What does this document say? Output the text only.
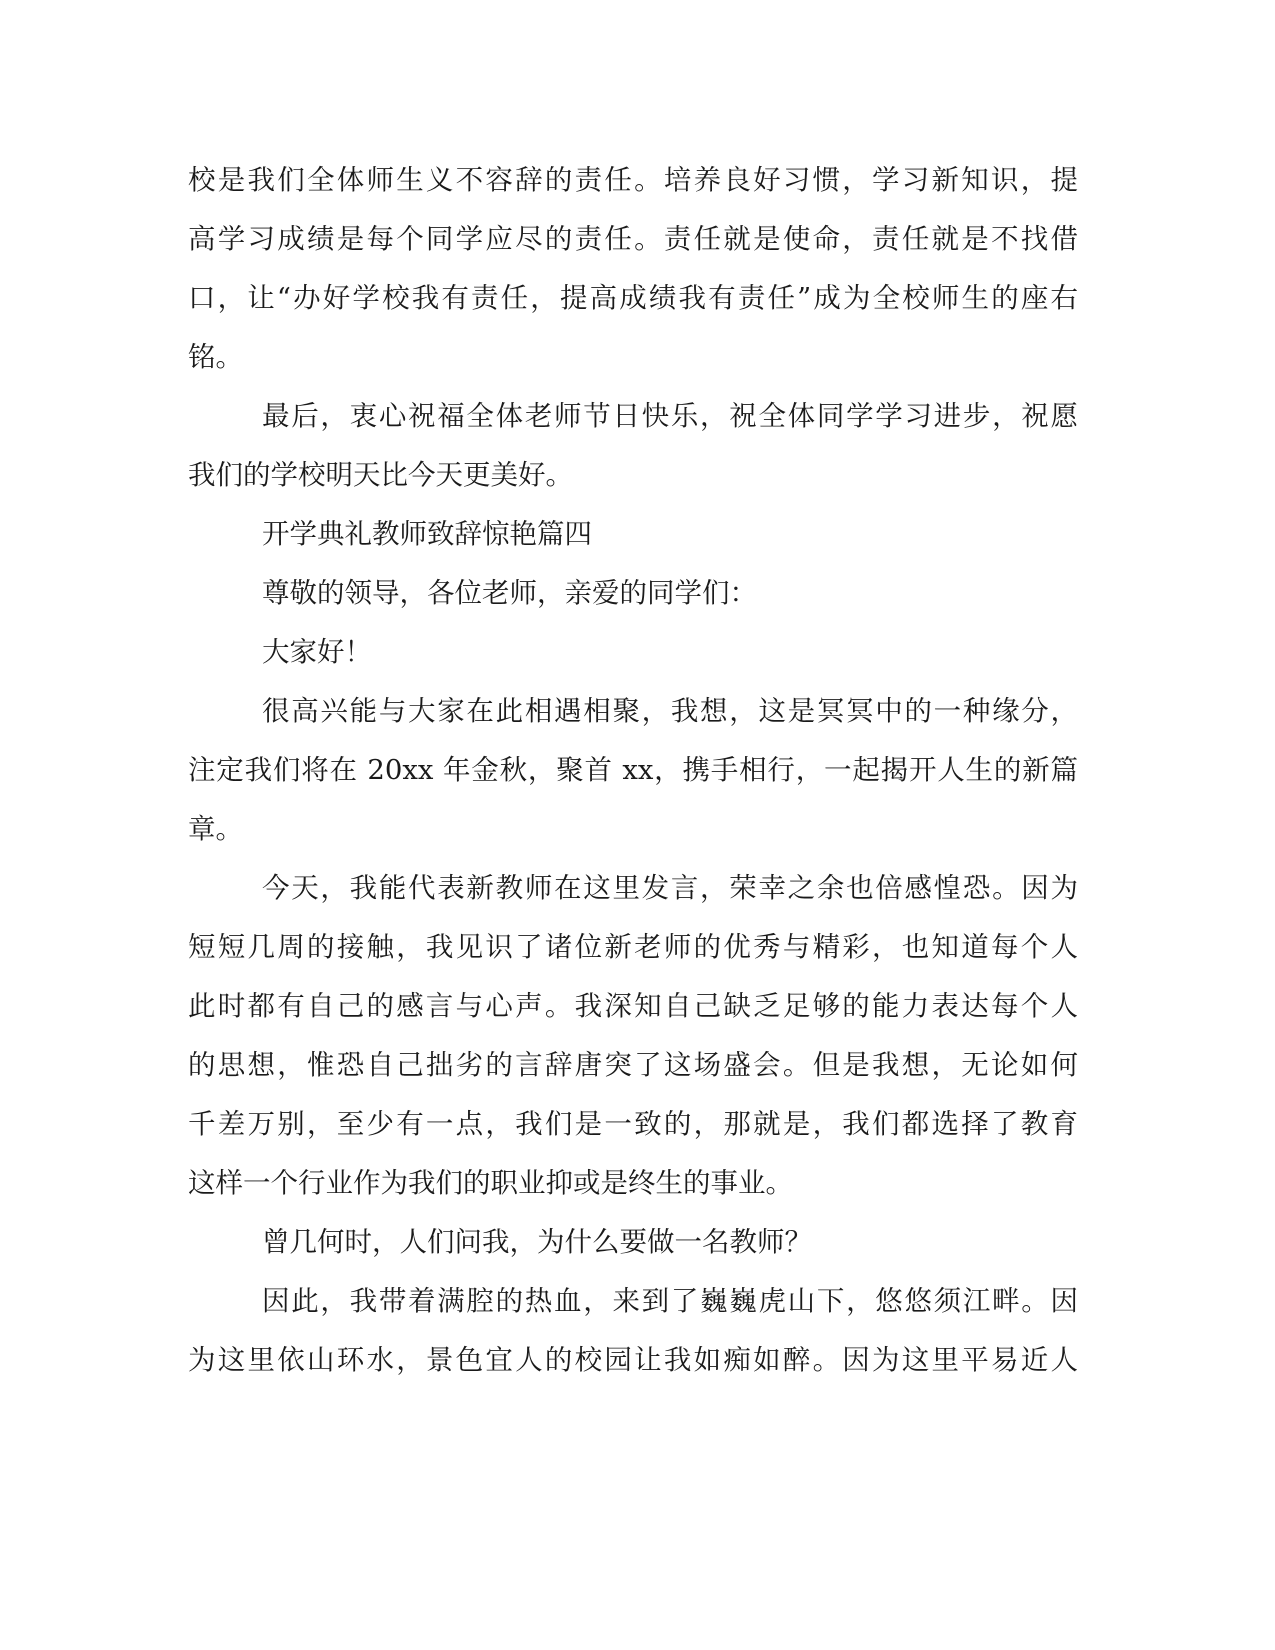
校是我们全体师生义不容辞的责任。培养良好习惯，学习新知识，提
高学习成绩是每个同学应尽的责任。责任就是使命，责任就是不找借
口，让“办好学校我有责任，提高成绩我有责任”成为全校师生的座右
铭。
最后，衷心祝福全体老师节日快乐，祝全体同学学习进步，祝愿
我们的学校明天比今天更美好。
开学典礼教师致辞惊艳篇四
尊敬的领导，各位老师，亲爱的同学们：
大家好！
很高兴能与大家在此相遇相聚，我想，这是冥冥中的一种缘分，
注定我们将在 20xx 年金秋，聚首 xx，携手相行，一起揭开人生的新篇
章。
今天，我能代表新教师在这里发言，荣幸之余也倍感惶恐。因为
短短几周的接触，我见识了诸位新老师的优秀与精彩，也知道每个人
此时都有自己的感言与心声。我深知自己缺乏足够的能力表达每个人
的思想，惟恐自己拙劣的言辞唐突了这场盛会。但是我想，无论如何
千差万别，至少有一点，我们是一致的，那就是，我们都选择了教育
这样一个行业作为我们的职业抑或是终生的事业。
曾几何时，人们问我，为什么要做一名教师？
因此，我带着满腔的热血，来到了巍巍虎山下，悠悠须江畔。因
为这里依山环水，景色宜人的校园让我如痴如醉。因为这里平易近人
